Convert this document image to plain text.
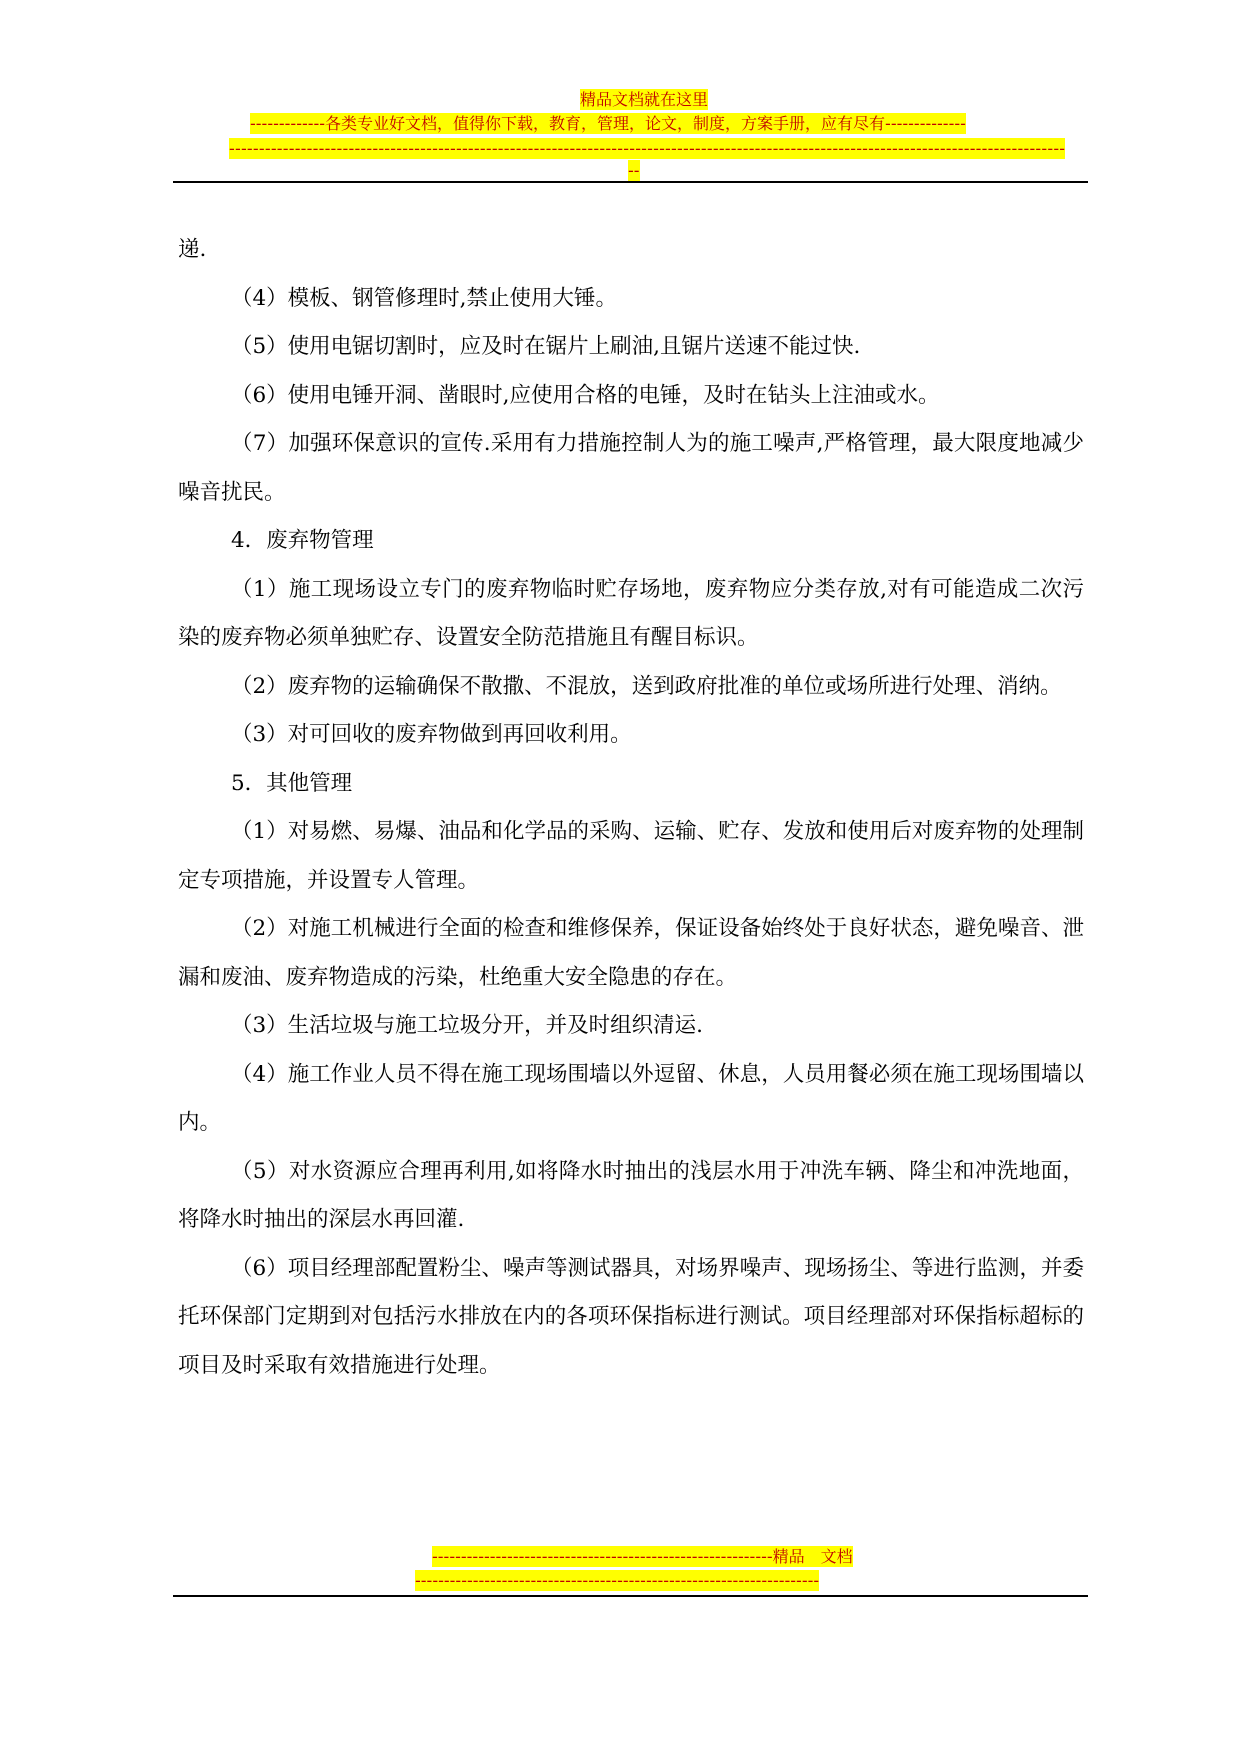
精品文档就在这里
-------------各类专业好文档，值得你下载，教育，管理，论文，制度，方案手册，应有尽有--------------
--------------------------------------------------------------------------------------------------------------------------------------------
--

递.

（4）模板、钢管修理时,禁止使用大锤。

（5）使用电锯切割时，应及时在锯片上刷油,且锯片送速不能过快.

（6）使用电锤开洞、凿眼时,应使用合格的电锤，及时在钻头上注油或水。

（7）加强环保意识的宣传.采用有力措施控制人为的施工噪声,严格管理，最大限度地减少噪音扰民。

4．废弃物管理

（1）施工现场设立专门的废弃物临时贮存场地，废弃物应分类存放,对有可能造成二次污染的废弃物必须单独贮存、设置安全防范措施且有醒目标识。

（2）废弃物的运输确保不散撒、不混放，送到政府批准的单位或场所进行处理、消纳。

（3）对可回收的废弃物做到再回收利用。

5．其他管理

（1）对易燃、易爆、油品和化学品的采购、运输、贮存、发放和使用后对废弃物的处理制定专项措施，并设置专人管理。

（2）对施工机械进行全面的检查和维修保养，保证设备始终处于良好状态，避免噪音、泄漏和废油、废弃物造成的污染，杜绝重大安全隐患的存在。

（3）生活垃圾与施工垃圾分开，并及时组织清运.

（4）施工作业人员不得在施工现场围墙以外逗留、休息，人员用餐必须在施工现场围墙以内。

（5）对水资源应合理再利用,如将降水时抽出的浅层水用于冲洗车辆、降尘和冲洗地面，将降水时抽出的深层水再回灌.

（6）项目经理部配置粉尘、噪声等测试器具，对场界噪声、现场扬尘、等进行监测，并委托环保部门定期到对包括污水排放在内的各项环保指标进行测试。项目经理部对环保指标超标的项目及时采取有效措施进行处理。

-----------------------------------------------------------精品　文档
----------------------------------------------------------------------
